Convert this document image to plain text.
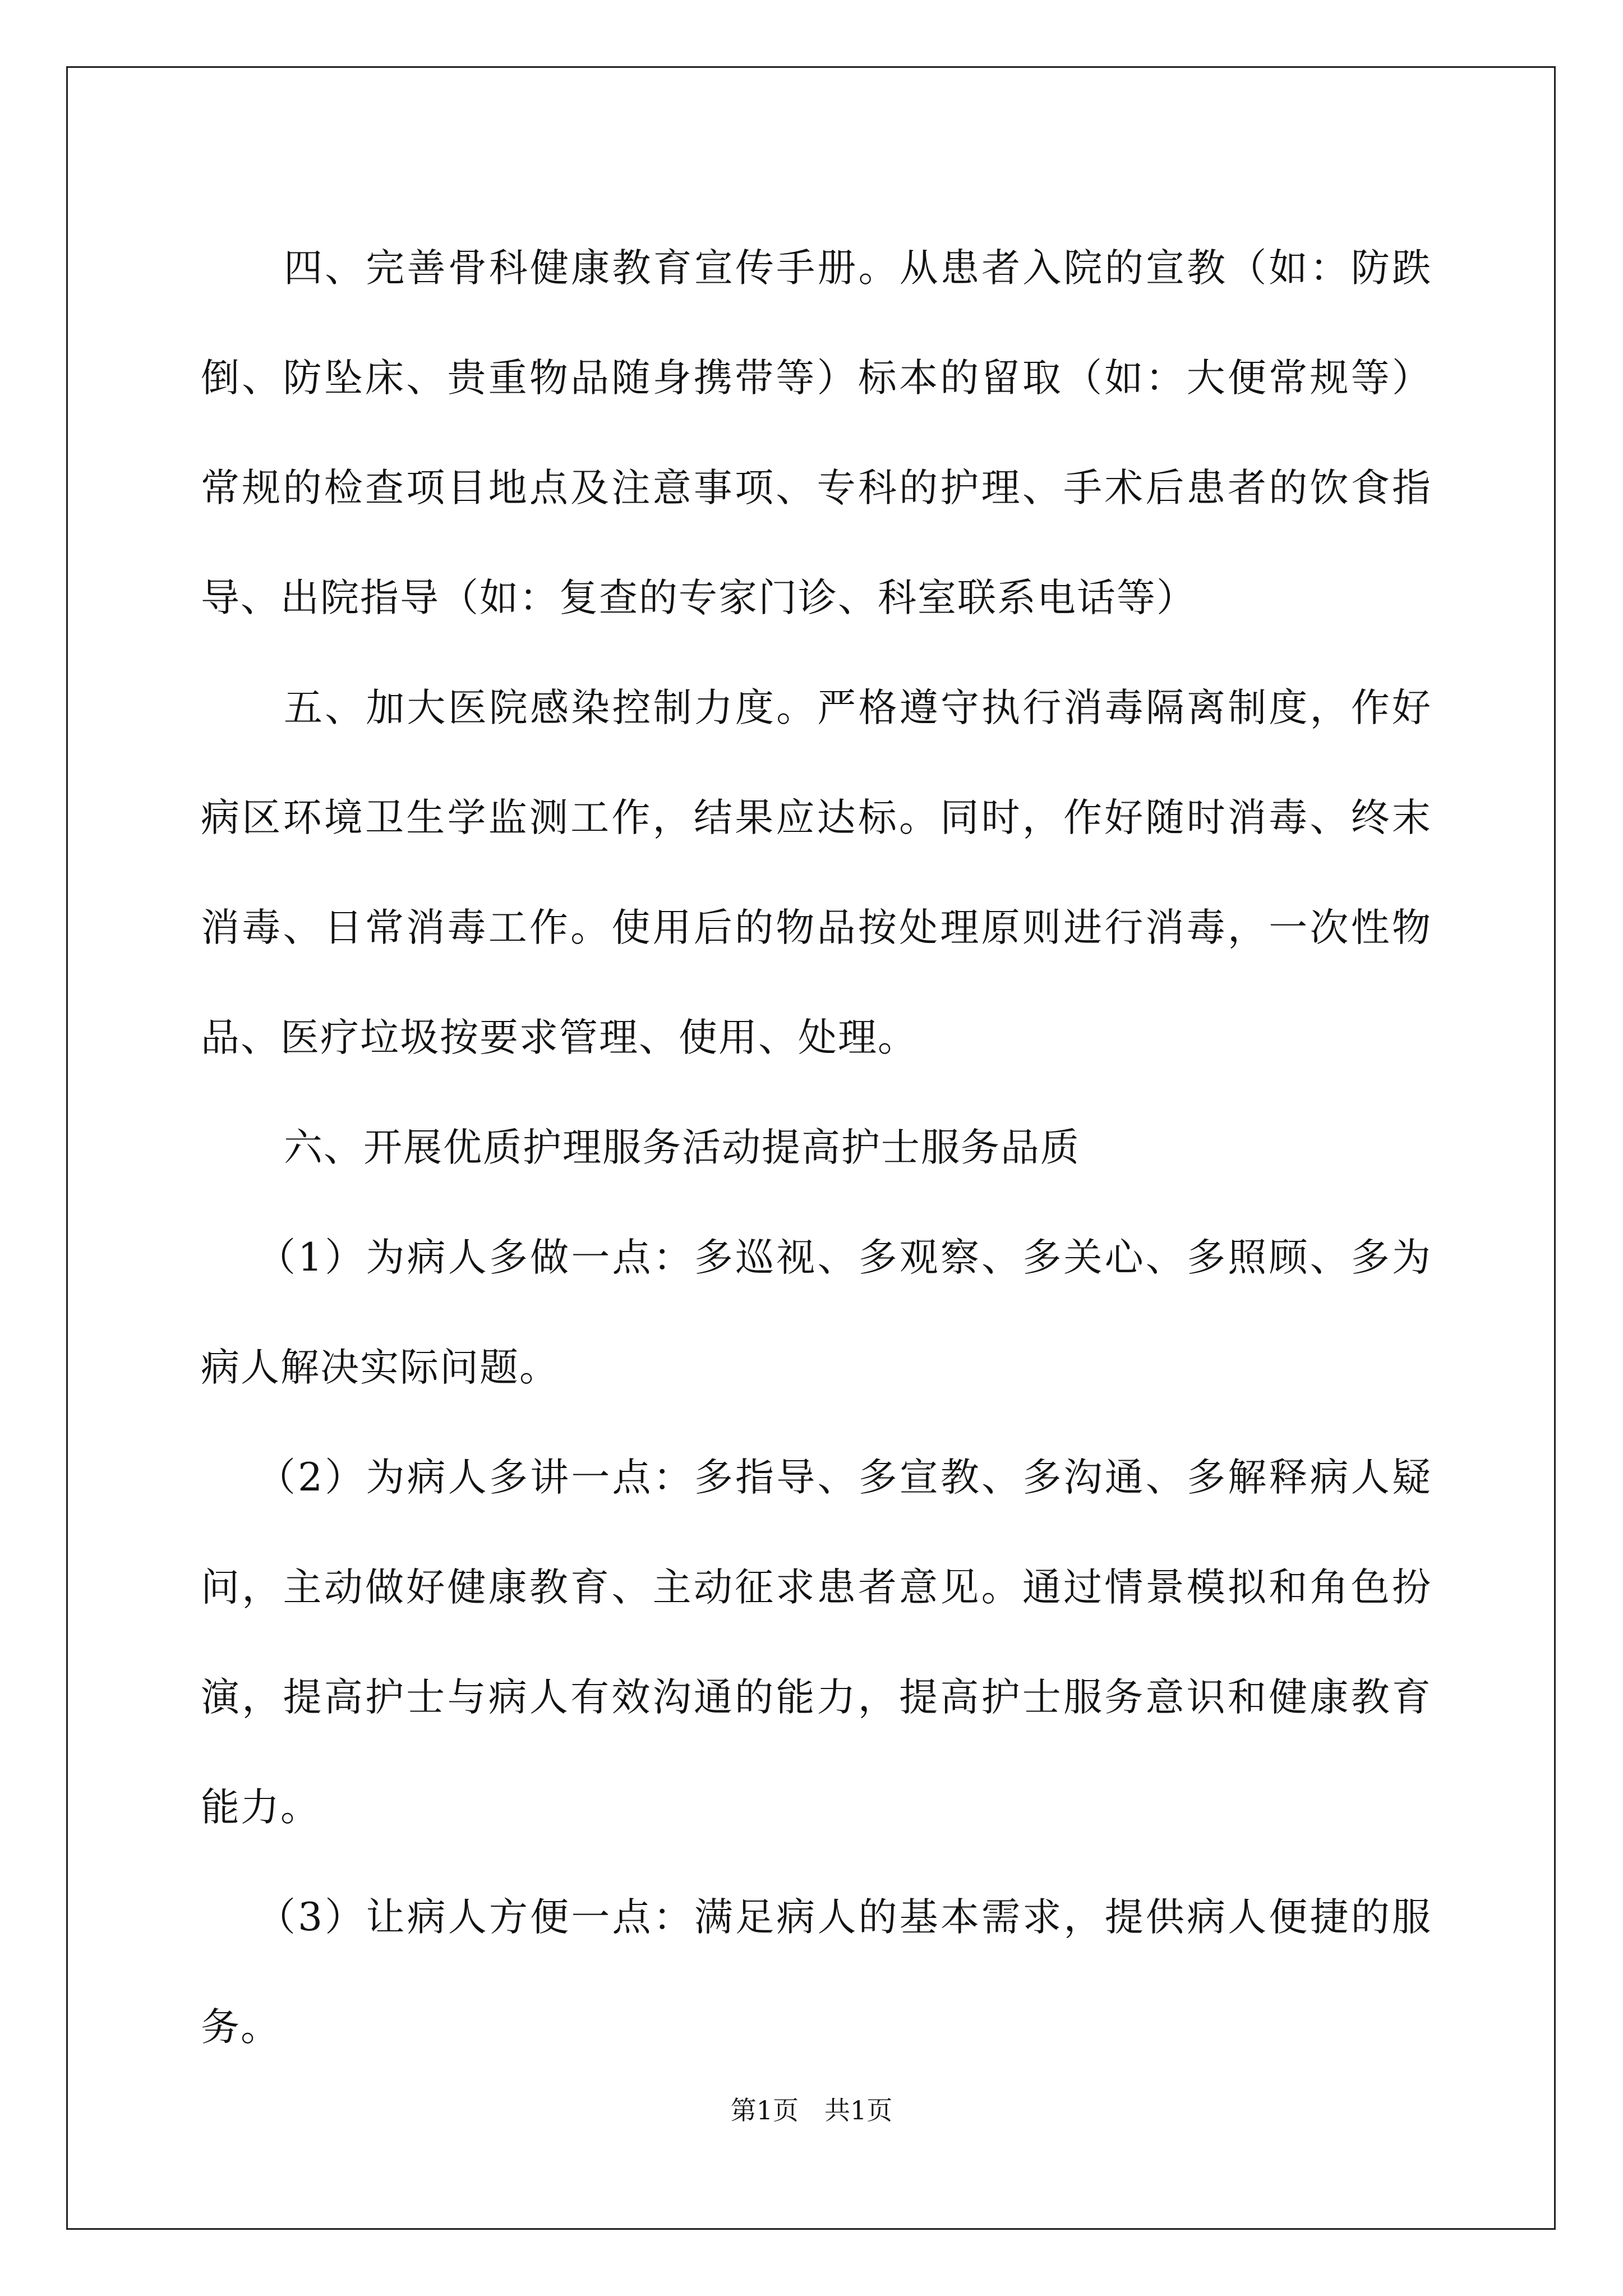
四、完善骨科健康教育宣传手册。从患者入院的宣教（如：防跌倒、防坠床、贵重物品随身携带等）标本的留取（如：大便常规等）常规的检查项目地点及注意事项、专科的护理、手术后患者的饮食指导、出院指导（如：复查的专家门诊、科室联系电话等）

五、加大医院感染控制力度。严格遵守执行消毒隔离制度，作好病区环境卫生学监测工作，结果应达标。同时，作好随时消毒、终末消毒、日常消毒工作。使用后的物品按处理原则进行消毒，一次性物品、医疗垃圾按要求管理、使用、处理。

六、开展优质护理服务活动提高护士服务品质

（1）为病人多做一点：多巡视、多观察、多关心、多照顾、多为病人解决实际问题。

（2）为病人多讲一点：多指导、多宣教、多沟通、多解释病人疑问，主动做好健康教育、主动征求患者意见。通过情景模拟和角色扮演，提高护士与病人有效沟通的能力，提高护士服务意识和健康教育能力。

（3）让病人方便一点：满足病人的基本需求，提供病人便捷的服务。

第1页 共1页
